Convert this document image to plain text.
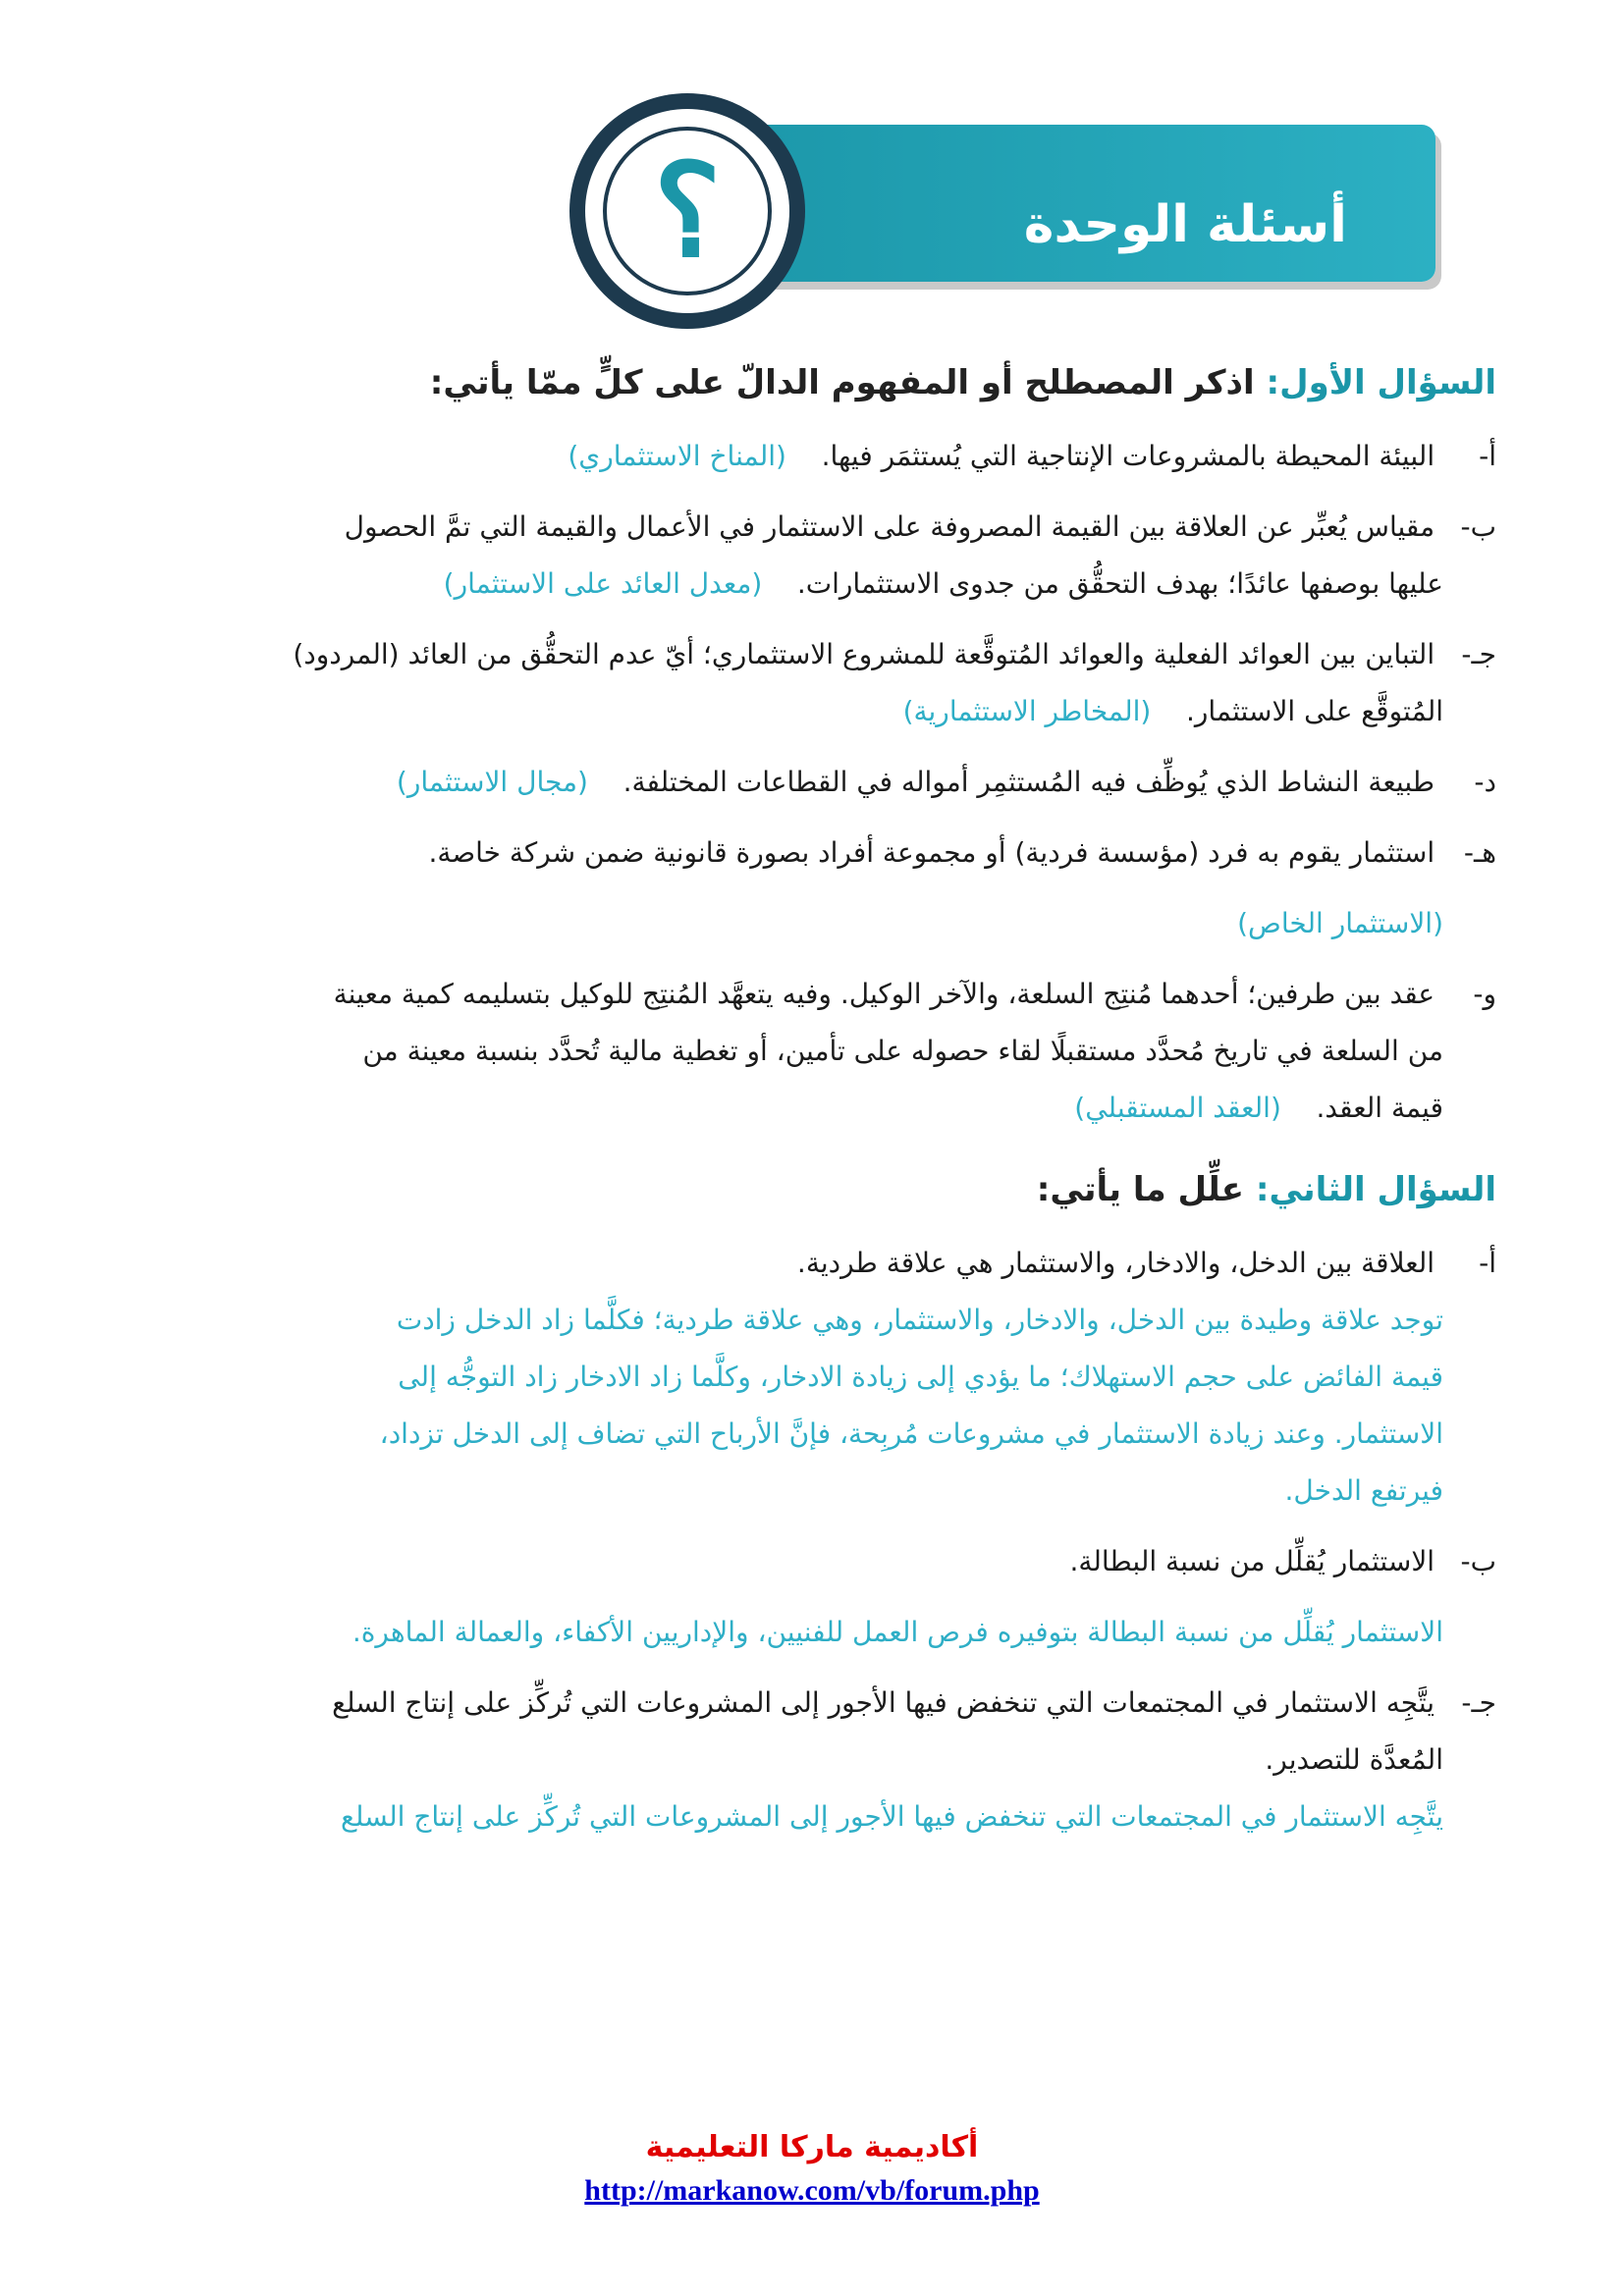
أسئلة الوحدة
؟
السؤال الأول: اذكر المصطلح أو المفهوم الدالّ على كلٍّ ممّا يأتي:

أ- البيئة المحيطة بالمشروعات الإنتاجية التي يُستثمَر فيها.    (المناخ الاستثماري)

ب- مقياس يُعبِّر عن العلاقة بين القيمة المصروفة على الاستثمار في الأعمال والقيمة التي تمَّ الحصول

عليها بوصفها عائدًا؛ بهدف التحقُّق من جدوى الاستثمارات.    (معدل العائد على الاستثمار)

جـ- التباين بين العوائد الفعلية والعوائد المُتوقَّعة للمشروع الاستثماري؛ أيّ عدم التحقُّق من العائد (المردود)

المُتوقَّع على الاستثمار.    (المخاطر الاستثمارية)

د- طبيعة النشاط الذي يُوظِّف فيه المُستثمِر أمواله في القطاعات المختلفة.    (مجال الاستثمار)

هـ- استثمار يقوم به فرد (مؤسسة فردية) أو مجموعة أفراد بصورة قانونية ضمن شركة خاصة.

(الاستثمار الخاص)

و- عقد بين طرفين؛ أحدهما مُنتِج السلعة، والآخر الوكيل. وفيه يتعهَّد المُنتِج للوكيل بتسليمه كمية معينة

من السلعة في تاريخ مُحدَّد مستقبلًا لقاء حصوله على تأمين، أو تغطية مالية تُحدَّد بنسبة معينة من

قيمة العقد.    (العقد المستقبلي)

السؤال الثاني: علِّل ما يأتي:

أ- العلاقة بين الدخل، والادخار، والاستثمار هي علاقة طردية.

توجد علاقة وطيدة بين الدخل، والادخار، والاستثمار، وهي علاقة طردية؛ فكلَّما زاد الدخل زادت

قيمة الفائض على حجم الاستهلاك؛ ما يؤدي إلى زيادة الادخار، وكلَّما زاد الادخار زاد التوجُّه إلى

الاستثمار. وعند زيادة الاستثمار في مشروعات مُربِحة، فإنَّ الأرباح التي تضاف إلى الدخل تزداد،

فيرتفع الدخل.

ب- الاستثمار يُقلِّل من نسبة البطالة.

الاستثمار يُقلِّل من نسبة البطالة بتوفيره فرص العمل للفنيين، والإداريين الأكفاء، والعمالة الماهرة.

جـ- يتَّجِه الاستثمار في المجتمعات التي تنخفض فيها الأجور إلى المشروعات التي تُركِّز على إنتاج السلع

المُعدَّة للتصدير.

يتَّجِه الاستثمار في المجتمعات التي تنخفض فيها الأجور إلى المشروعات التي تُركِّز على إنتاج السلع

أكاديمية ماركا التعليمية
http://markanow.com/vb/forum.php
